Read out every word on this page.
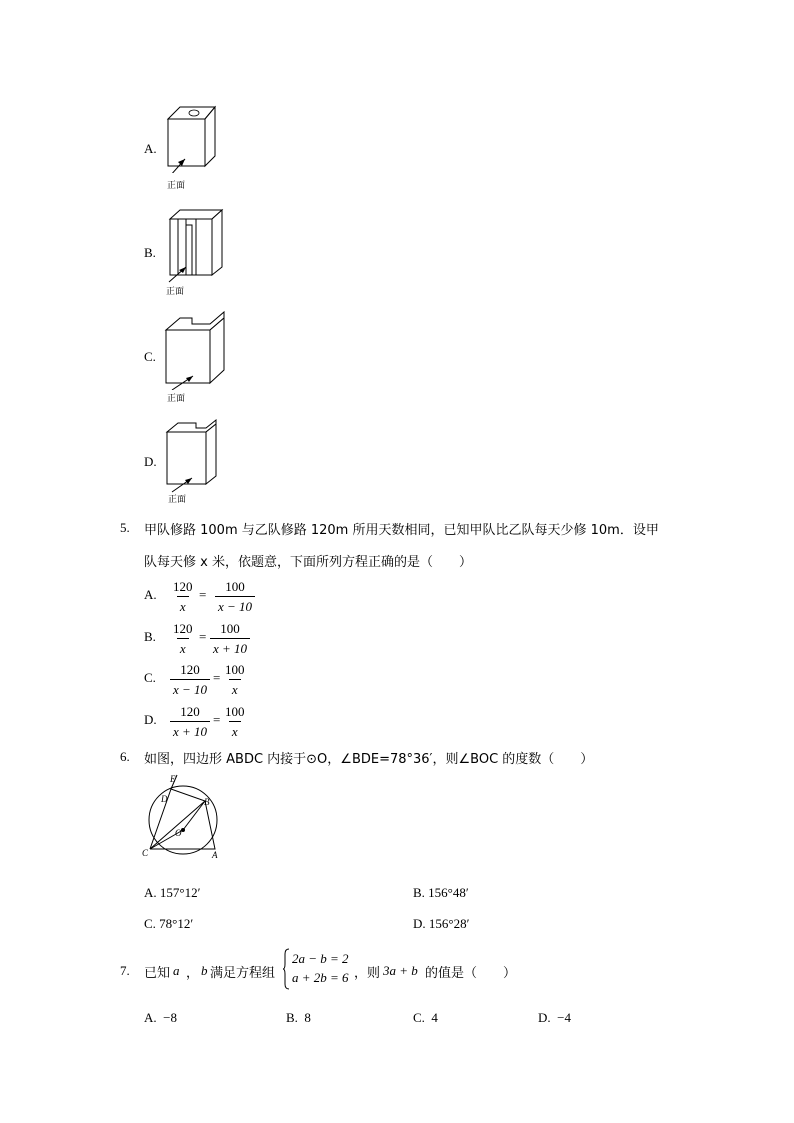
A.
正面
B.
正面
C.
正面
D.
正面
5. 甲队修路 100m 与乙队修路 120m 所用天数相同，已知甲队比乙队每天少修 10m．设甲
队每天修 x 米，依题意，下面所列方程正确的是（　　）
A. $\frac{120}{x} = \frac{100}{x - 10}$
B. $\frac{120}{x} = \frac{100}{x + 10}$
C. $\frac{120}{x - 10} = \frac{100}{x}$
D. $\frac{120}{x + 10} = \frac{100}{x}$
6. 如图，四边形 ABDC 内接于⊙O，∠BDE=78°36′，则∠BOC 的度数（　　）
E
D	B
O
C	A
A. 157°12′	B. 156°48′
C. 78°12′	D. 156°28′
7. 已知 a ， b 满足方程组
2a − b = 2
a + 2b = 6 ，则 3a + b 的值是（　　）
A. −8	B. 8	C. 4	D. −4
